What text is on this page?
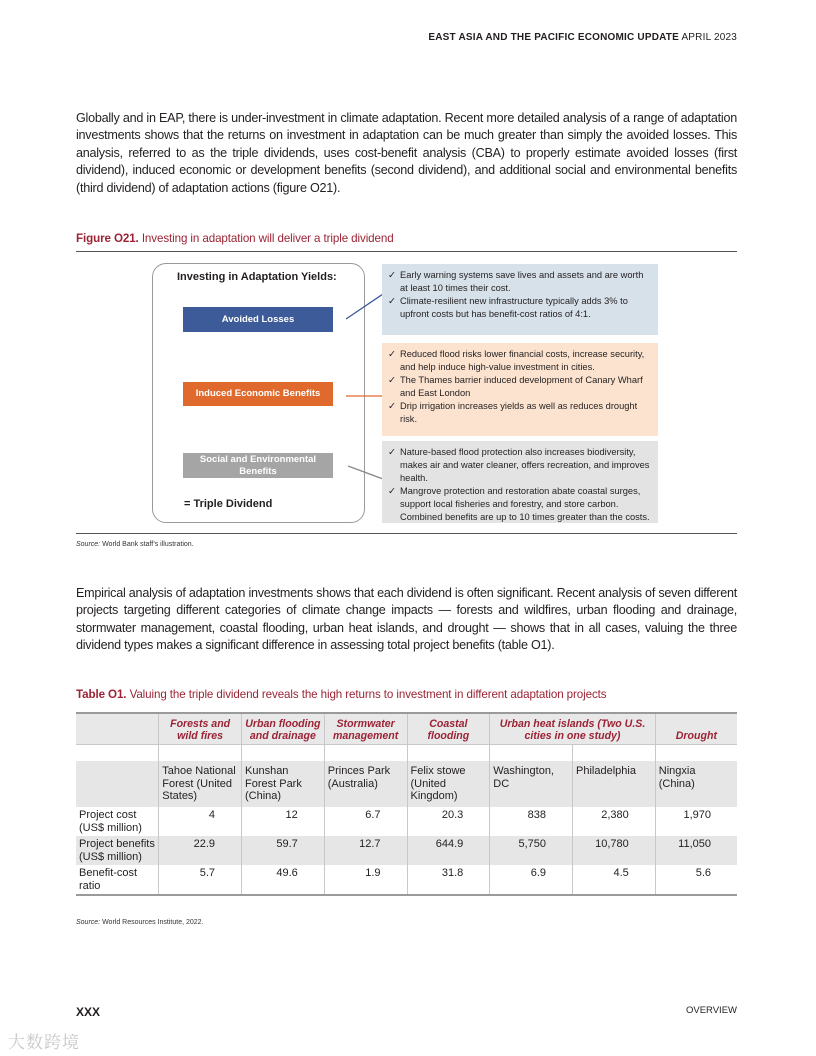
EAST ASIA AND THE PACIFIC ECONOMIC UPDATE APRIL 2023

Globally and in EAP, there is under-investment in climate adaptation. Recent more detailed analysis of a range of adaptation investments shows that the returns on investment in adaptation can be much greater than simply the avoided losses. This analysis, referred to as the triple dividends, uses cost-benefit analysis (CBA) to properly estimate avoided losses (first dividend), induced economic or development benefits (second dividend), and additional social and environmental benefits (third dividend) of adaptation actions (figure O21).

Figure O21. Investing in adaptation will deliver a triple dividend
Investing in Adaptation Yields:
Avoided Losses
Induced Economic Benefits
Social and Environmental Benefits
= Triple Dividend
✓ Early warning systems save lives and assets and are worth at least 10 times their cost.
✓ Climate-resilient new infrastructure typically adds 3% to upfront costs but has benefit-cost ratios of 4:1.
✓ Reduced flood risks lower financial costs, increase security, and help induce high-value investment in cities.
✓ The Thames barrier induced development of Canary Wharf and East London
✓ Drip irrigation increases yields as well as reduces drought risk.
✓ Nature-based flood protection also increases biodiversity, makes air and water cleaner, offers recreation, and improves health.
✓ Mangrove protection and restoration abate coastal surges, support local fisheries and forestry, and store carbon. Combined benefits are up to 10 times greater than the costs.
Source: World Bank staff’s illustration.

Empirical analysis of adaptation investments shows that each dividend is often significant. Recent analysis of seven different projects targeting different categories of climate change impacts — forests and wildfires, urban flooding and drainage, stormwater management, coastal flooding, urban heat islands, and drought — shows that in all cases, valuing the three dividend types makes a significant difference in assessing total project benefits (table O1).

Table O1. Valuing the triple dividend reveals the high returns to investment in different adaptation projects
	Forests and wild fires	Urban flooding and drainage	Stormwater management	Coastal flooding	Urban heat islands (Two U.S. cities in one study)		Drought

	Tahoe National Forest (United States)	Kunshan Forest Park (China)	Princes Park (Australia)	Felix stowe (United Kingdom)	Washington, DC	Philadelphia	Ningxia (China)
Project cost (US$ million)	4	12	6.7	20.3	838	2,380	1,970
Project benefits (US$ million)	22.9	59.7	12.7	644.9	5,750	10,780	11,050
Benefit-cost ratio	5.7	49.6	1.9	31.8	6.9	4.5	5.6
Source: World Resources Institute, 2022.
XXX	OVERVIEW
大数跨境
